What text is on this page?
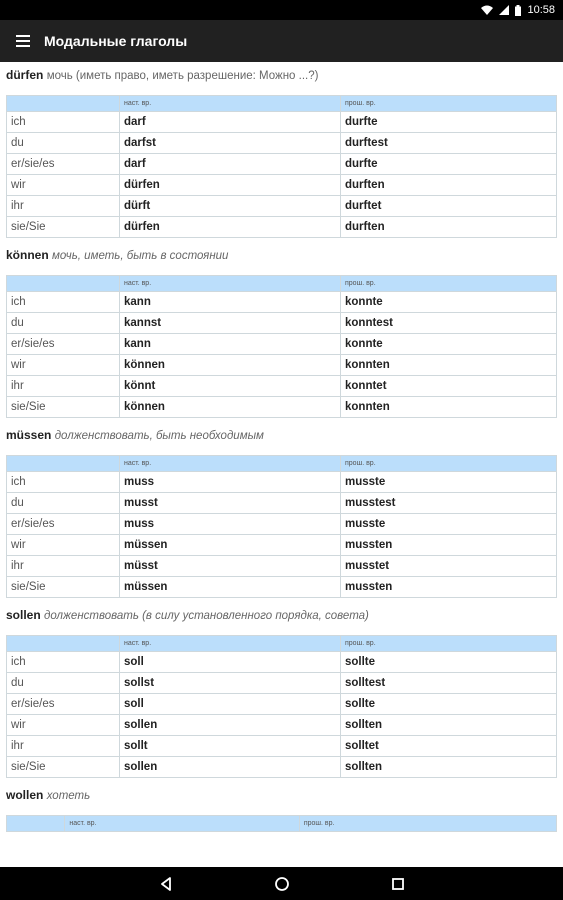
10:58
Модальные глаголы
dürfen мочь (иметь право, иметь разрешение: Можно ...?)
	наст. вр.	прош. вр.
ich	darf	durfte
du	darfst	durftest
er/sie/es	darf	durfte
wir	dürfen	durften
ihr	dürft	durftet
sie/Sie	dürfen	durften
können мочь, иметь, быть в состоянии
	наст. вр.	прош. вр.
ich	kann	konnte
du	kannst	konntest
er/sie/es	kann	konnte
wir	können	konnten
ihr	könnt	konntet
sie/Sie	können	konnten
müssen долженствовать, быть необходимым
	наст. вр.	прош. вр.
ich	muss	musste
du	musst	musstest
er/sie/es	muss	musste
wir	müssen	mussten
ihr	müsst	musstet
sie/Sie	müssen	mussten
sollen долженствовать (в силу установленного порядка, совета)
	наст. вр.	прош. вр.
ich	soll	sollte
du	sollst	solltest
er/sie/es	soll	sollte
wir	sollen	sollten
ihr	sollt	solltet
sie/Sie	sollen	sollten
wollen хотеть
	наст. вр.	прош. вр.
